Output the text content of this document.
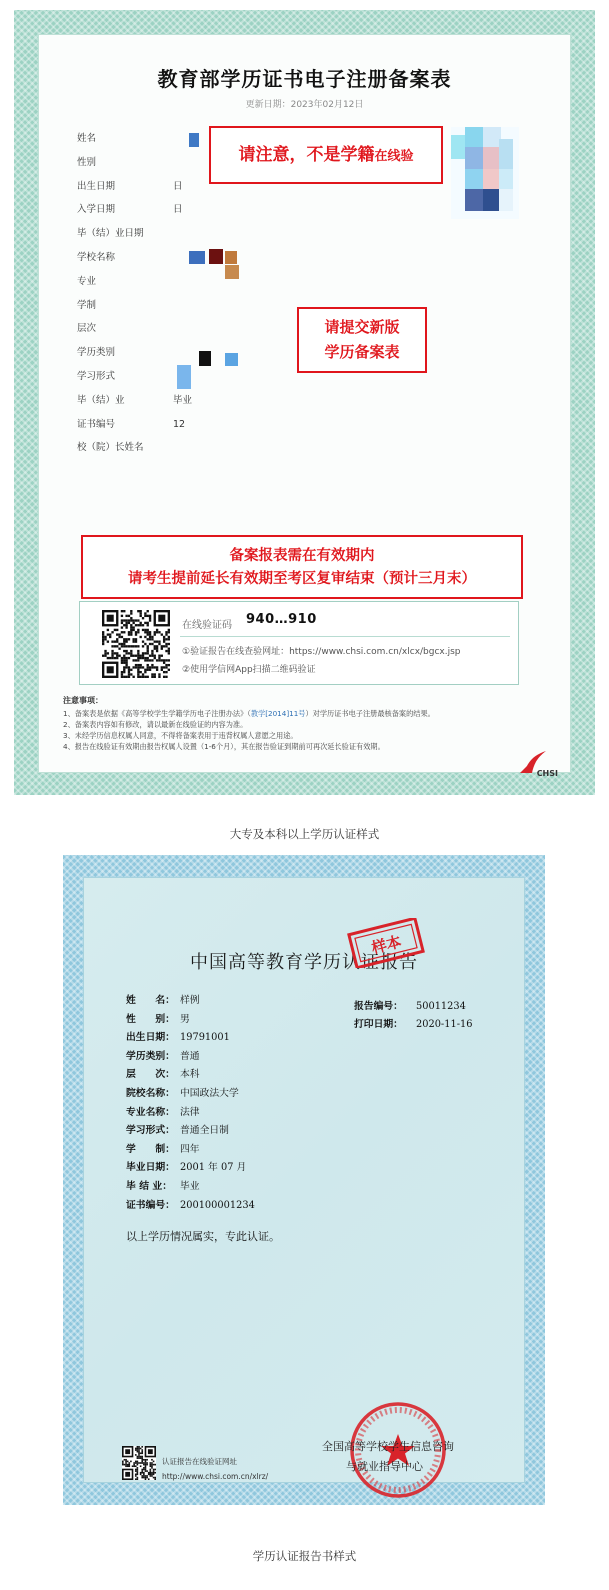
教育部学历证书电子注册备案表
更新日期：2023年02月12日
姓名
性别
出生日期	日
入学日期	日
毕（结）业日期
学校名称
专业
学制
层次
学历类别
学习形式
毕（结）业	毕业
证书编号	12
校（院）长姓名
请注意，不是学籍在线验
请提交新版
学历备案表
备案报表需在有效期内
请考生提前延长有效期至考区复审结束（预计三月末）
在线验证码 940…910
①验证报告在线查验网址：https://www.chsi.com.cn/xlcx/bgcx.jsp
②使用学信网App扫描二维码验证
注意事项：
1、备案表是依据《高等学校学生学籍学历电子注册办法》（教学[2014]11号）对学历证书电子注册最核备案的结果。
2、备案表内容如有修改，请以最新在线验证的内容为准。
3、未经学历信息权属人同意，不得将备案表用于违背权属人意愿之用途。
4、报告在线验证有效期由报告权属人设置（1-6个月），其在报告验证到期前可再次延长验证有效期。
CHSI
大专及本科以上学历认证样式
中国高等教育学历认证报告
样本
姓　　名： 样例
性　　别： 男
出生日期： 19791001
学历类别： 普通
层　　次： 本科
院校名称： 中国政法大学
专业名称： 法律
学习形式： 普通全日制
学　　制： 四年
毕业日期： 2001 年 07 月
毕 结 业： 毕业
证书编号： 200100001234
报告编号： 50011234
打印日期： 2020-11-16
以上学历情况属实，专此认证。
全国高等学校学生信息咨询
与就业指导中心
认证报告在线验证网址
http://www.chsi.com.cn/xlrz/
学历认证报告书样式
